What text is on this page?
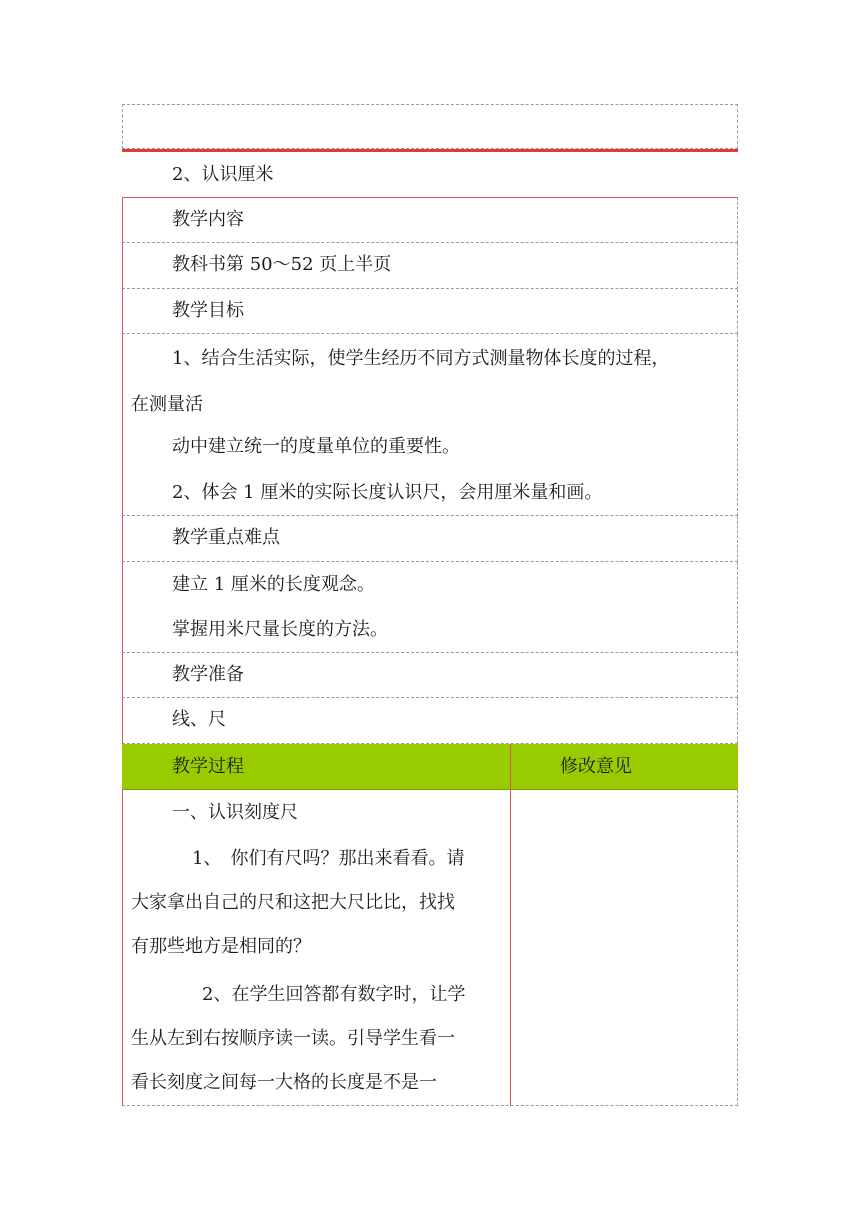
2、认识厘米
教学内容
教科书第 50～52 页上半页
教学目标
1、结合生活实际，使学生经历不同方式测量物体长度的过程，
在测量活
动中建立统一的度量单位的重要性。
2、体会 1 厘米的实际长度认识尺，会用厘米量和画。
教学重点难点
建立 1 厘米的长度观念。
掌握用米尺量长度的方法。
教学准备
线、尺
教学过程	修改意见
一、认识刻度尺
1、　你们有尺吗？那出来看看。请
大家拿出自己的尺和这把大尺比比，找找
有那些地方是相同的？
2、在学生回答都有数字时，让学
生从左到右按顺序读一读。引导学生看一
看长刻度之间每一大格的长度是不是一
